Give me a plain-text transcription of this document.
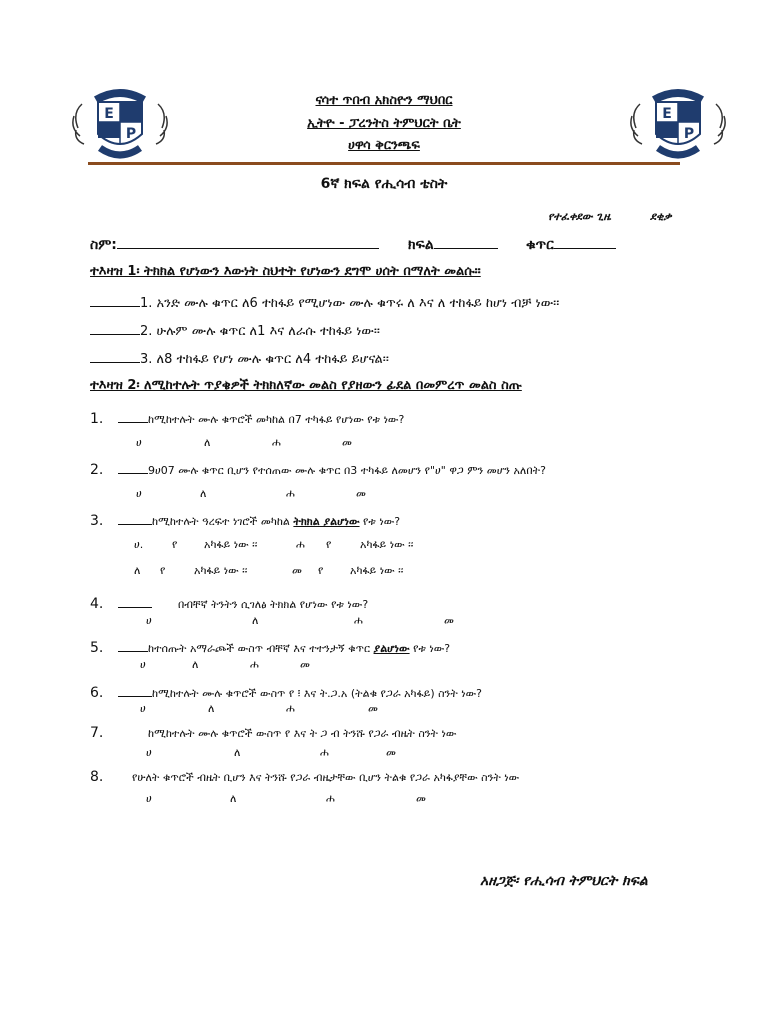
E
P
E
P
ናሳተ ጥበብ አክስዮን ማህበር
ኢትዮ - ፓረንትስ ትምህርት ቤት
ሀዋሳ ቅርንጫፍ
6ኛ ክፍል የሒሳብ ቴስት
የተፈቀደው ጊዜ	ደቂቃ
ስም:	ክፍል	ቁጥር
ተእዛዝ 1፡ ትክክል የሆነውን እውነት ስህተት የሆነውን ደግሞ ሀሰት በማለት መልሱ።
1. አንድ ሙሉ ቁጥር ለ6 ተከፋይ የሚሆነው ሙሉ ቁጥሩ ለ እና ለ ተከፋይ ከሆነ ብቻ ነው፡፡
2. ሁሉም ሙሉ ቁጥር ለ1 እና ለራሱ ተከፋይ ነው፡፡
3. ለ8 ተከፋይ የሆነ ሙሉ ቁጥር ለ4 ተከፋይ ይሆናል፡፡
ተእዛዝ 2፡ ለሚከተሉት ጥያቄዎች ትክክለኛው መልስ የያዘውን ፊደል በመምረጥ መልስ ስጡ
1.	ከሚከተሉት ሙሉ ቁጥሮች መካከል በ7 ተካፋይ የሆነው የቱ ነው?
ሀ	ለ	ሐ	መ
2.	9ሀ07 ሙሉ ቁጥር ቢሆን የተሰጠው ሙሉ ቁጥር በ3 ተካፋይ ለመሆን የ"ሀ" ዋጋ ምን መሆን አለበት?
ሀ	ለ	ሐ	መ
3.	ከሚከተሉት ዓረፍተ ነገሮች መካከል ትክክል ያልሆነው የቱ ነው?
ሀ.	የ አካፋይ ነው ፡፡	ሐ የ	አካፋይ ነው ፡፡
ለ የ	አካፋይ ነው ፡፡	መ የ አካፋይ ነው ፡፡
4.	በብቸኛ ትንትን ሲገለፅ ትክክል የሆነው የቱ ነው?
ሀ	ለ	ሐ	መ
5.	ከተሰጡት አማራጮች ውስጥ ብቸኛ እና ተተንታኝ ቁጥር ያልሆነው የቱ ነው?
ሀ	ለ	ሐ	መ
6.	ከሚከተሉት ሙሉ ቁጥሮች ውስጥ የ ፧ እና ት.ጋ.አ (ትልቁ የጋራ አካፋይ) ስንት ነው?
ሀ	ለ	ሐ	መ
7.	ከሚከተሉት ሙሉ ቁጥሮች ውስጥ የ እና ት ጋ ብ ትንሹ የጋራ ብዜት ስንት ነው
ሀ	ለ	ሐ	መ
8.	የሁለት ቁጥሮች ብዜት ቢሆን እና ትንሹ የጋራ ብዜታቸው ቢሆን ትልቁ የጋራ አካፋያቸው ስንት ነው
ሀ	ለ	ሐ	መ
አዘጋጅ፡ የሒሳብ ትምህርት ክፍል
